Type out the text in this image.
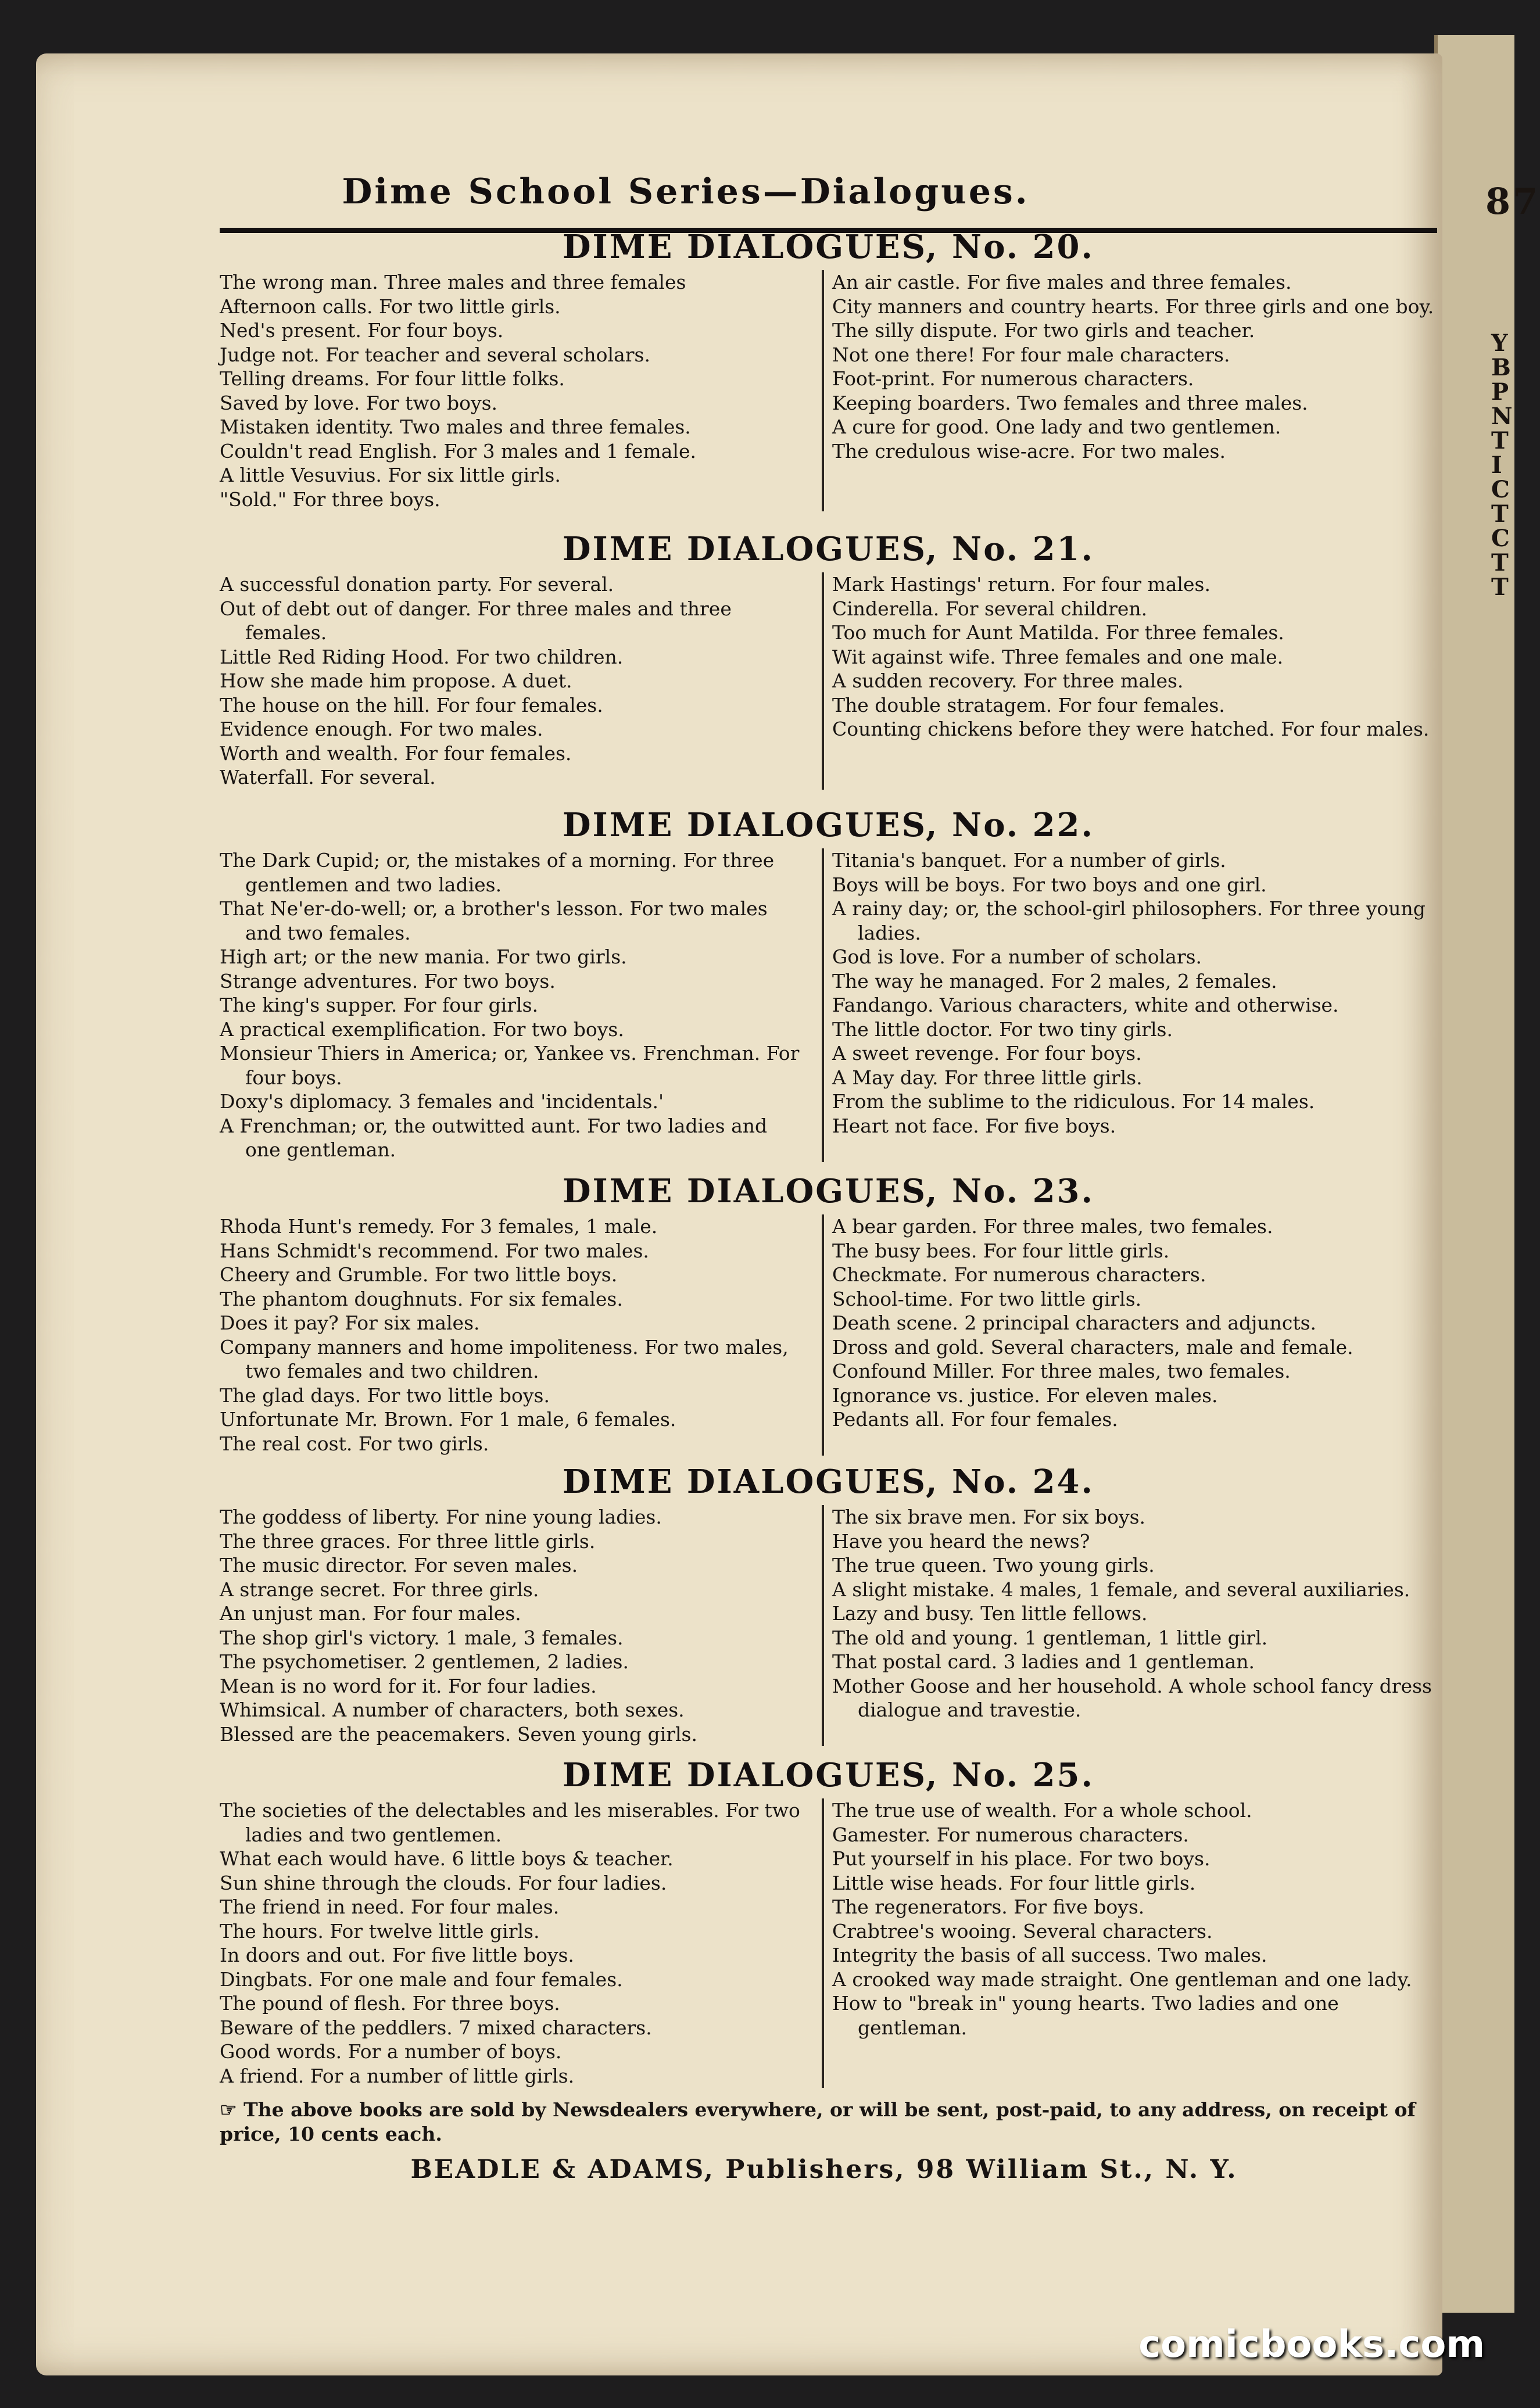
87
Y
B
P
N
T
I
C
T
C
T
T
Dime School Series—Dialogues.
DIME DIALOGUES, No. 20.
The wrong man. Three males and three females
Afternoon calls. For two little girls.
Ned's present. For four boys.
Judge not. For teacher and several scholars.
Telling dreams. For four little folks.
Saved by love. For two boys.
Mistaken identity. Two males and three females.
Couldn't read English. For 3 males and 1 female.
A little Vesuvius. For six little girls.
"Sold." For three boys.
An air castle. For five males and three females.
City manners and country hearts. For three girls and one boy.
The silly dispute. For two girls and teacher.
Not one there! For four male characters.
Foot-print. For numerous characters.
Keeping boarders. Two females and three males.
A cure for good. One lady and two gentlemen.
The credulous wise-acre. For two males.
DIME DIALOGUES, No. 21.
A successful donation party. For several.
Out of debt out of danger. For three males and three females.
Little Red Riding Hood. For two children.
How she made him propose. A duet.
The house on the hill. For four females.
Evidence enough. For two males.
Worth and wealth. For four females.
Waterfall. For several.
Mark Hastings' return. For four males.
Cinderella. For several children.
Too much for Aunt Matilda. For three females.
Wit against wife. Three females and one male.
A sudden recovery. For three males.
The double stratagem. For four females.
Counting chickens before they were hatched. For four males.
DIME DIALOGUES, No. 22.
The Dark Cupid; or, the mistakes of a morning. For three gentlemen and two ladies.
That Ne'er-do-well; or, a brother's lesson. For two males and two females.
High art; or the new mania. For two girls.
Strange adventures. For two boys.
The king's supper. For four girls.
A practical exemplification. For two boys.
Monsieur Thiers in America; or, Yankee vs. Frenchman. For four boys.
Doxy's diplomacy. 3 females and 'incidentals.'
A Frenchman; or, the outwitted aunt. For two ladies and one gentleman.
Titania's banquet. For a number of girls.
Boys will be boys. For two boys and one girl.
A rainy day; or, the school-girl philosophers. For three young ladies.
God is love. For a number of scholars.
The way he managed. For 2 males, 2 females.
Fandango. Various characters, white and otherwise.
The little doctor. For two tiny girls.
A sweet revenge. For four boys.
A May day. For three little girls.
From the sublime to the ridiculous. For 14 males.
Heart not face. For five boys.
DIME DIALOGUES, No. 23.
Rhoda Hunt's remedy. For 3 females, 1 male.
Hans Schmidt's recommend. For two males.
Cheery and Grumble. For two little boys.
The phantom doughnuts. For six females.
Does it pay? For six males.
Company manners and home impoliteness. For two males, two females and two children.
The glad days. For two little boys.
Unfortunate Mr. Brown. For 1 male, 6 females.
The real cost. For two girls.
A bear garden. For three males, two females.
The busy bees. For four little girls.
Checkmate. For numerous characters.
School-time. For two little girls.
Death scene. 2 principal characters and adjuncts.
Dross and gold. Several characters, male and female.
Confound Miller. For three males, two females.
Ignorance vs. justice. For eleven males.
Pedants all. For four females.
DIME DIALOGUES, No. 24.
The goddess of liberty. For nine young ladies.
The three graces. For three little girls.
The music director. For seven males.
A strange secret. For three girls.
An unjust man. For four males.
The shop girl's victory. 1 male, 3 females.
The psychometiser. 2 gentlemen, 2 ladies.
Mean is no word for it. For four ladies.
Whimsical. A number of characters, both sexes.
Blessed are the peacemakers. Seven young girls.
The six brave men. For six boys.
Have you heard the news?
The true queen. Two young girls.
A slight mistake. 4 males, 1 female, and several auxiliaries.
Lazy and busy. Ten little fellows.
The old and young. 1 gentleman, 1 little girl.
That postal card. 3 ladies and 1 gentleman.
Mother Goose and her household. A whole school fancy dress dialogue and travestie.
DIME DIALOGUES, No. 25.
The societies of the delectables and les miserables. For two ladies and two gentlemen.
What each would have. 6 little boys & teacher.
Sun shine through the clouds. For four ladies.
The friend in need. For four males.
The hours. For twelve little girls.
In doors and out. For five little boys.
Dingbats. For one male and four females.
The pound of flesh. For three boys.
Beware of the peddlers. 7 mixed characters.
Good words. For a number of boys.
A friend. For a number of little girls.
The true use of wealth. For a whole school.
Gamester. For numerous characters.
Put yourself in his place. For two boys.
Little wise heads. For four little girls.
The regenerators. For five boys.
Crabtree's wooing. Several characters.
Integrity the basis of all success. Two males.
A crooked way made straight. One gentleman and one lady.
How to "break in" young hearts. Two ladies and one gentleman.
☞ The above books are sold by Newsdealers everywhere, or will be sent, post-paid, to any address, on receipt of price, 10 cents each.
BEADLE & ADAMS, Publishers, 98 William St., N. Y.
comicbooks.com
